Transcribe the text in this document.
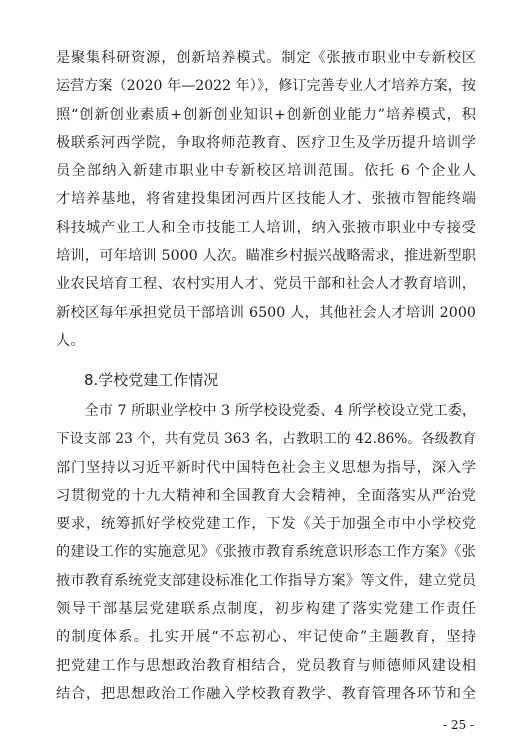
是聚集科研资源，创新培养模式。制定《张掖市职业中专新校区
运营方案（2020 年—2022 年）》，修订完善专业人才培养方案，按
照“创新创业素质+创新创业知识+创新创业能力”培养模式，积
极联系河西学院，争取将师范教育、医疗卫生及学历提升培训学
员全部纳入新建市职业中专新校区培训范围。依托 6 个企业人
才培养基地，将省建投集团河西片区技能人才、张掖市智能终端
科技城产业工人和全市技能工人培训，纳入张掖市职业中专接受
培训，可年培训 5000 人次。瞄准乡村振兴战略需求，推进新型职
业农民培育工程、农村实用人才、党员干部和社会人才教育培训，
新校区每年承担党员干部培训 6500 人，其他社会人才培训 2000
人。
8.学校党建工作情况
　　全市 7 所职业学校中 3 所学校设党委、4 所学校设立党工委，
下设支部 23 个，共有党员 363 名，占教职工的 42.86%。各级教育
部门坚持以习近平新时代中国特色社会主义思想为指导，深入学
习贯彻党的十九大精神和全国教育大会精神，全面落实从严治党
要求，统筹抓好学校党建工作，下发《关于加强全市中小学校党
的建设工作的实施意见》《张掖市教育系统意识形态工作方案》《张
掖市教育系统党支部建设标准化工作指导方案》等文件，建立党员
领导干部基层党建联系点制度，初步构建了落实党建工作责任
的制度体系。扎实开展“不忘初心、牢记使命”主题教育，坚持
把党建工作与思想政治教育相结合，党员教育与师德师风建设相
结合，把思想政治工作融入学校教育教学、教育管理各环节和全
- 25 -
